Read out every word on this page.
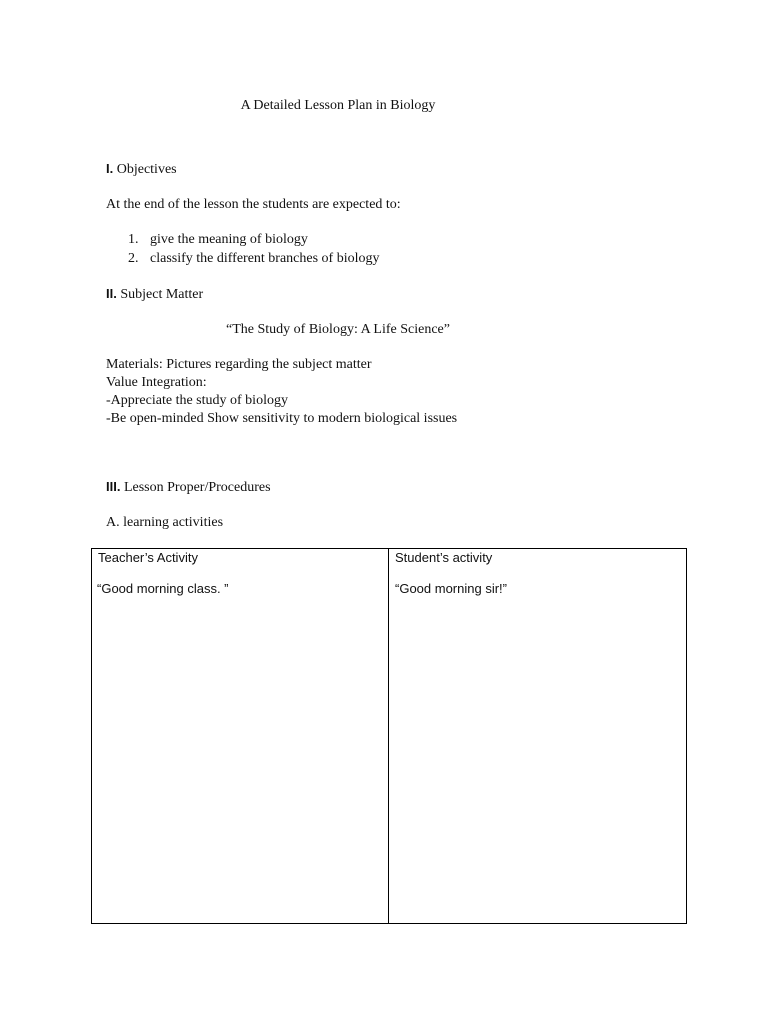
A Detailed Lesson Plan in Biology
I. Objectives
At the end of the lesson the students are expected to:
1. give the meaning of biology
2. classify the different branches of biology
II. Subject Matter
“The Study of Biology: A Life Science”
Materials: Pictures regarding the subject matter
Value Integration:
-Appreciate the study of biology
-Be open-minded Show sensitivity to modern biological issues
III. Lesson Proper/Procedures
A. learning activities
Teacher’s Activity
“Good morning class. ”
Student’s activity
“Good morning sir!”
